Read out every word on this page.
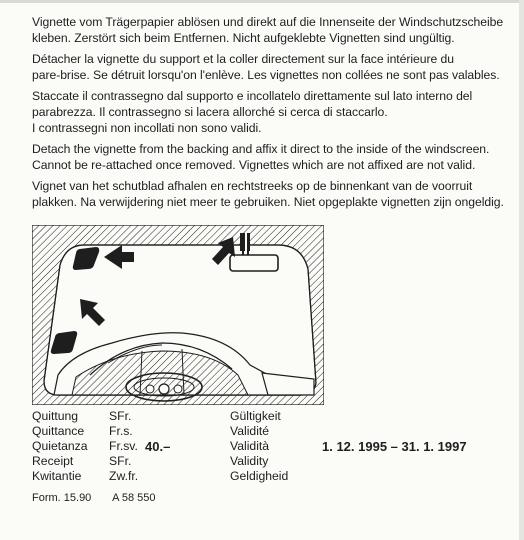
Vignette vom Trägerpapier ablösen und direkt auf die Innenseite der Windschutzscheibe
kleben. Zerstört sich beim Entfernen. Nicht aufgeklebte Vignetten sind ungültig.

Détacher la vignette du support et la coller directement sur la face intérieure du
pare-brise. Se détruit lorsqu'on l'enlève. Les vignettes non collées ne sont pas valables.

Staccate il contrassegno dal supporto e incollatelo direttamente sul lato interno del
parabrezza. Il contrassegno si lacera allorché si cerca di staccarlo.
I contrassegni non incollati non sono validi.

Detach the vignette from the backing and affix it direct to the inside of the windscreen.
Cannot be re-attached once removed. Vignettes which are not affixed are not valid.

Vignet van het schutblad afhalen en rechtstreeks op de binnenkant van de voorruit
plakken. Na verwijdering niet meer te gebruiken. Niet opgeplakte vignetten zijn ongeldig.

Quittung
Quittance
Quietanza
Receipt
Kwitantie
SFr.
Fr.s.
Fr.sv.
SFr.
Zw.fr.
40.–
Gültigkeit
Validité
Validità
Validity
Geldigheid
1. 12. 1995 – 31. 1. 1997
Form. 15.90 A 58 550
